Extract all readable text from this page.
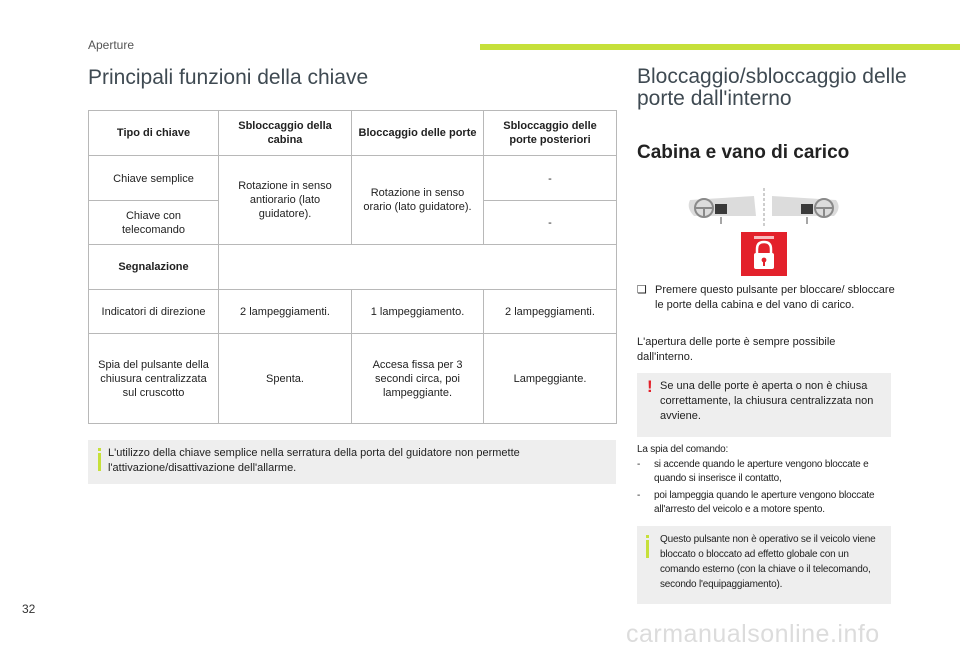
Aperture
Principali funzioni della chiave	Bloccaggio/sbloccaggio delle porte dall'interno
Cabina e vano di carico
Tipo di chiave	Sbloccaggio della cabina	Bloccaggio delle porte	Sbloccaggio delle porte posteriori
Chiave semplice	Rotazione in senso antiorario (lato guidatore).	Rotazione in senso orario (lato guidatore).	-
Chiave con telecomando			-
Segnalazione			
Indicatori di direzione	2 lampeggiamenti.	1 lampeggiamento.	2 lampeggiamenti.
Spia del pulsante della chiusura centralizzata sul cruscotto	Spenta.	Accesa fissa per 3 secondi circa, poi lampeggiante.	Lampeggiante.
L'utilizzo della chiave semplice nella serratura della porta del guidatore non permette l'attivazione/disattivazione dell'allarme.
❑ Premere questo pulsante per bloccare/ sbloccare le porte della cabina e del vano di carico.
L'apertura delle porte è sempre possibile dall'interno.
! Se una delle porte è aperta o non è chiusa correttamente, la chiusura centralizzata non avviene.
La spia del comando:
- si accende quando le aperture vengono bloccate e quando si inserisce il contatto,
- poi lampeggia quando le aperture vengono bloccate all'arresto del veicolo e a motore spento.
Questo pulsante non è operativo se il veicolo viene bloccato o bloccato ad effetto globale con un comando esterno (con la chiave o il telecomando, secondo l'equipaggiamento).
32
carmanualsonline.info
